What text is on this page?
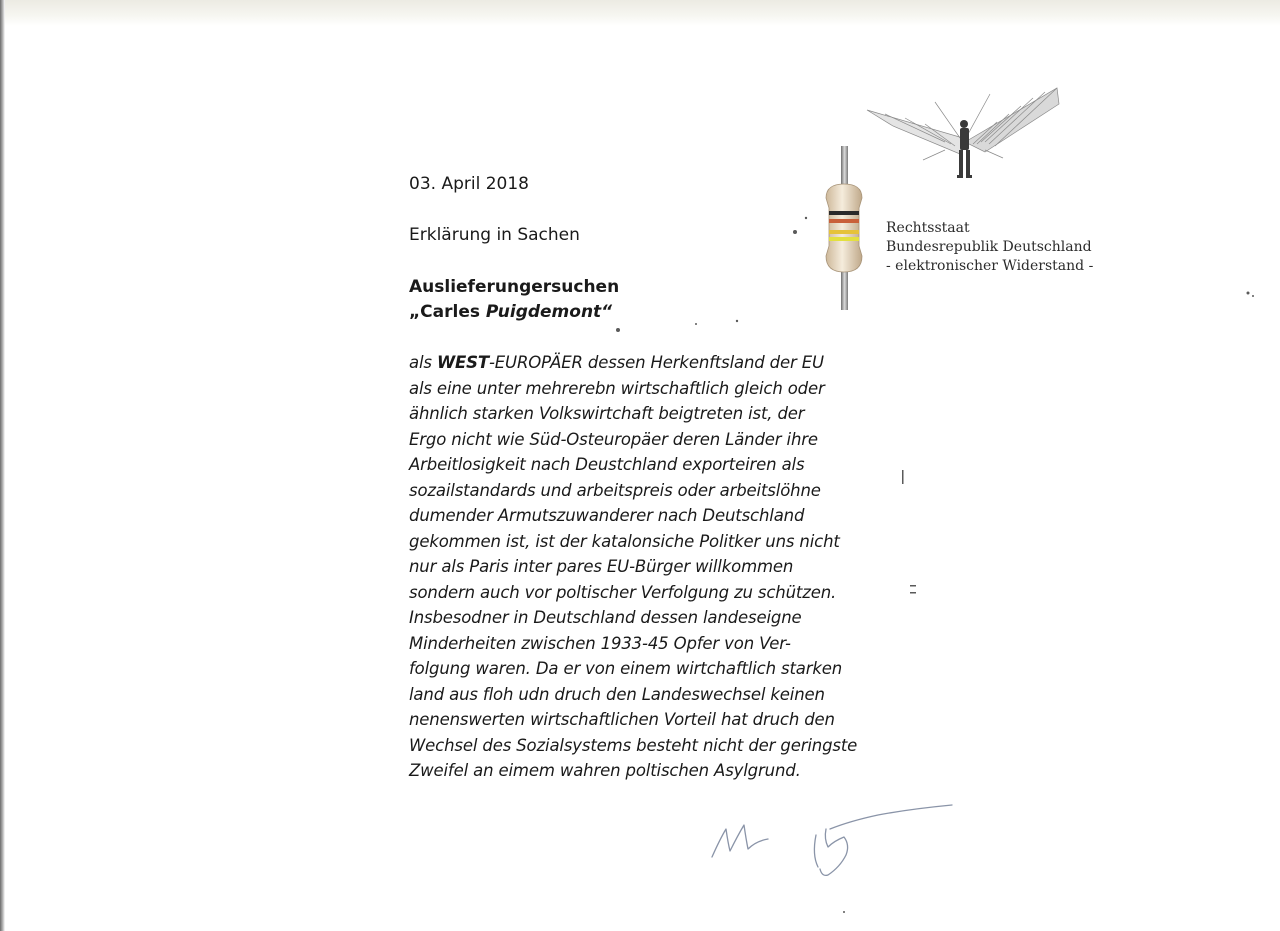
03. April 2018
Erklärung in Sachen
Auslieferungersuchen
„Carles Puigdemont“
als WEST-EUROPÄER dessen Herkenftsland der EU
als eine unter mehrerebn wirtschaftlich gleich oder
ähnlich starken Volkswirtchaft beigtreten ist, der
Ergo nicht wie Süd-Osteuropäer deren Länder ihre
Arbeitlosigkeit nach Deustchland exporteiren als
sozailstandards und arbeitspreis oder arbeitslöhne
dumender Armutszuwanderer nach Deutschland
gekommen ist, ist der katalonsiche Politker uns nicht
nur als Paris inter pares EU-Bürger willkommen
sondern auch vor poltischer Verfolgung zu schützen.
Insbesodner in Deutschland dessen landeseigne
Minderheiten zwischen 1933-45 Opfer von Ver-
folgung waren. Da er von einem wirtchaftlich starken
land aus floh udn druch den Landeswechsel keinen
nenenswerten wirtschaftlichen Vorteil hat druch den
Wechsel des Sozialsystems besteht nicht der geringste
Zweifel an eimem wahren poltischen Asylgrund.
Rechtsstaat
Bundesrepublik Deutschland
- elektronischer Widerstand -
